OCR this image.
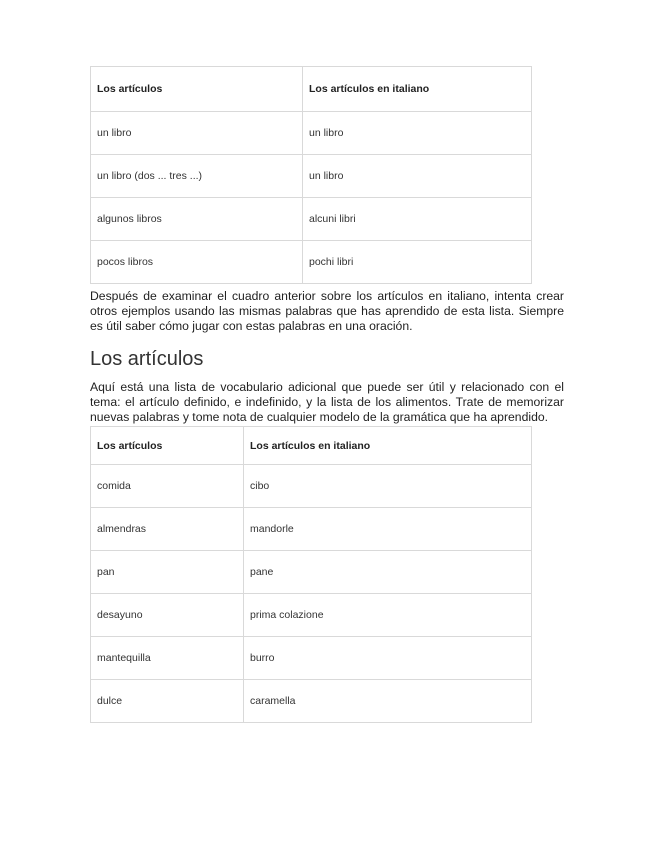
Los artículos	Los artículos en italiano
un libro	un libro
un libro (dos ... tres ...)	un libro
algunos libros	alcuni libri
pocos libros	pochi libri

Después de examinar el cuadro anterior sobre los artículos en italiano, intenta crear otros ejemplos usando las mismas palabras que has aprendido de esta lista. Siempre es útil saber cómo jugar con estas palabras en una oración.

Los artículos

Aquí está una lista de vocabulario adicional que puede ser útil y relacionado con el tema: el artículo definido, e indefinido, y la lista de los alimentos. Trate de memorizar nuevas palabras y tome nota de cualquier modelo de la gramática que ha aprendido.

Los artículos	Los artículos en italiano
comida	cibo
almendras	mandorle
pan	pane
desayuno	prima colazione
mantequilla	burro
dulce	caramella
